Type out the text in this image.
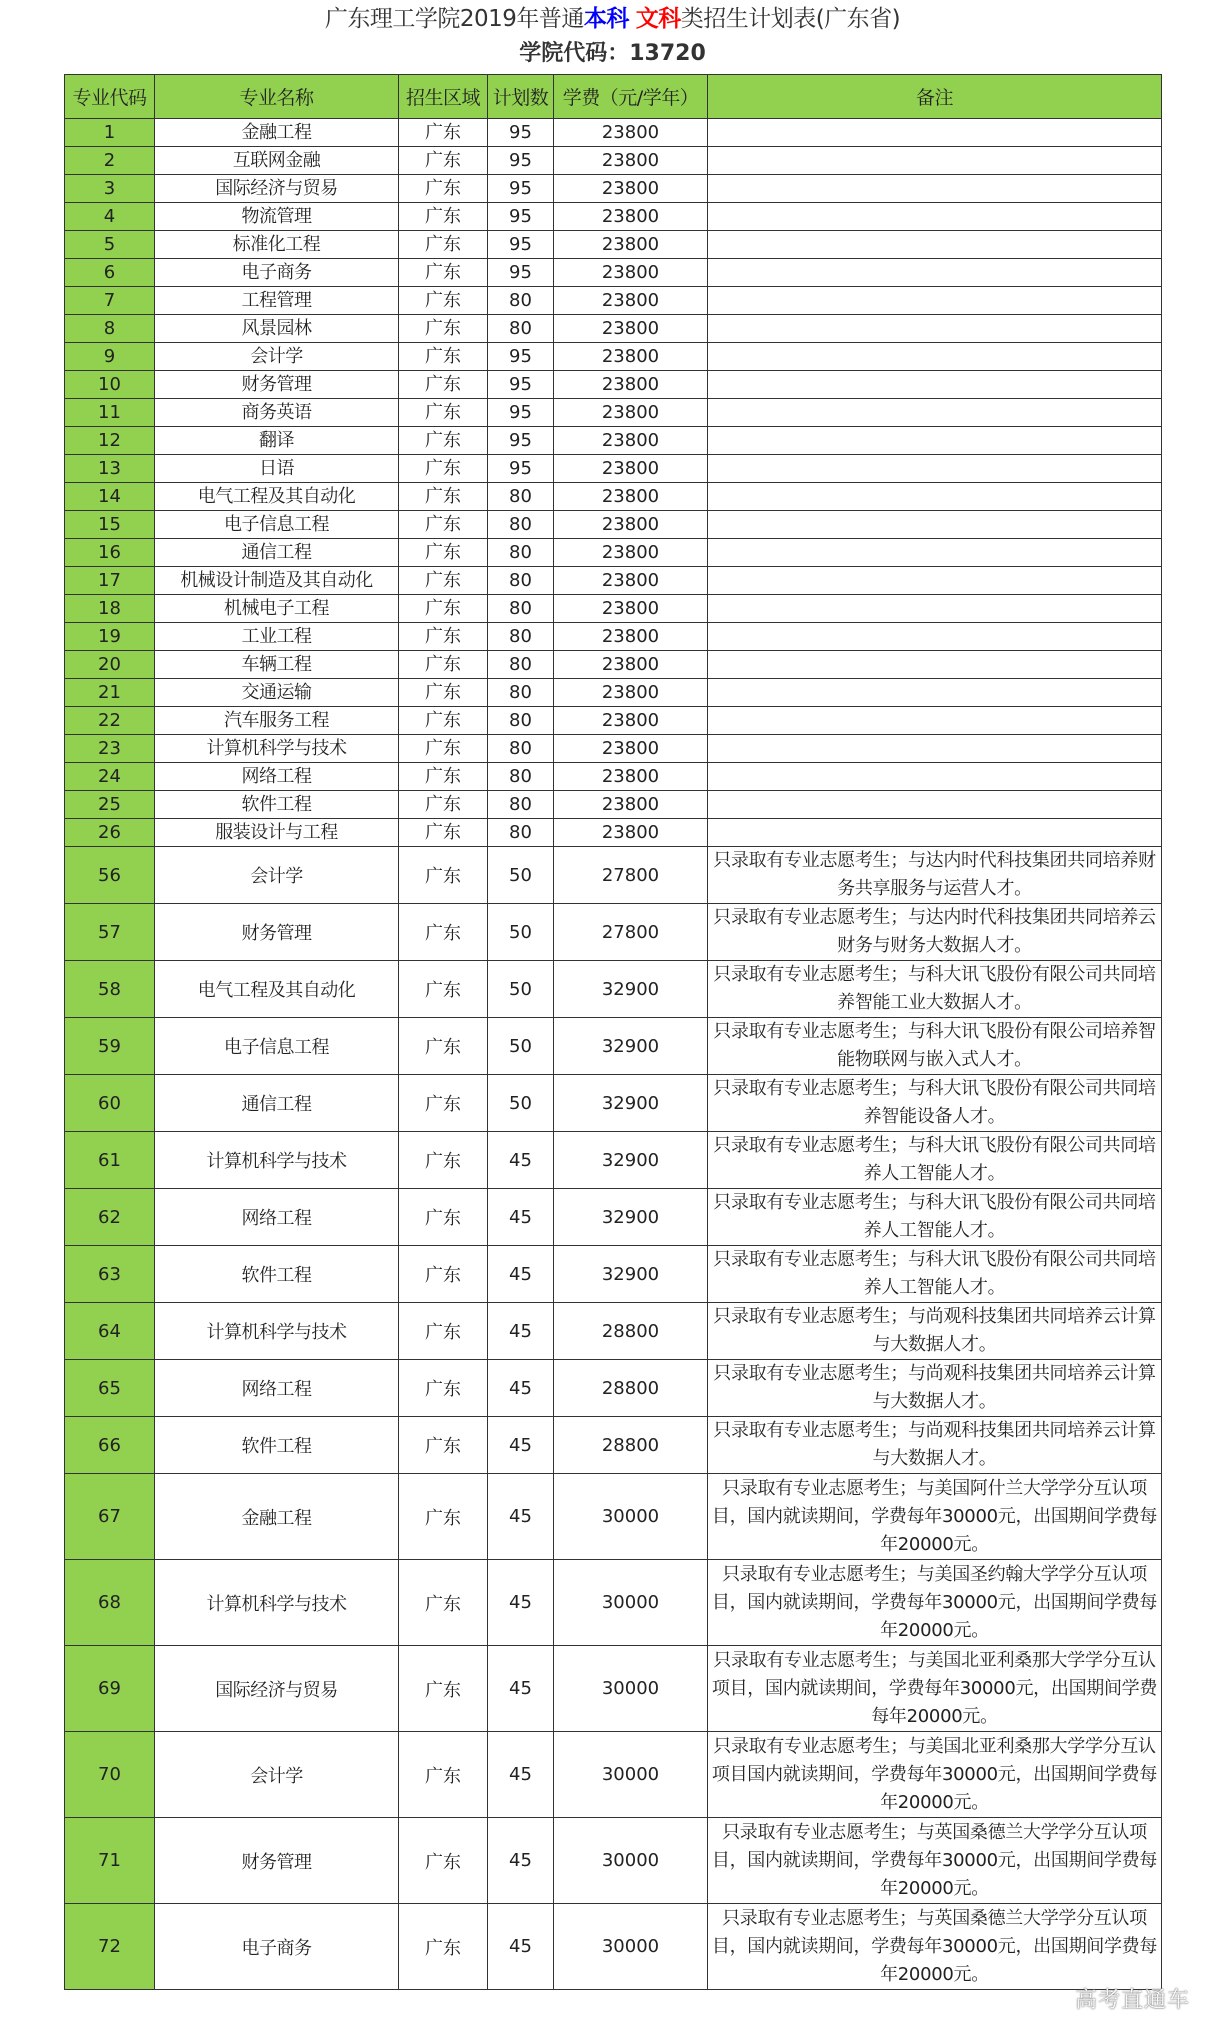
广东理工学院2019年普通本科 文科类招生计划表(广东省)
学院代码：13720
专业代码	专业名称	招生区域	计划数	学费（元/学年）	备注
1	金融工程	广东	95	23800	
2	互联网金融	广东	95	23800	
3	国际经济与贸易	广东	95	23800	
4	物流管理	广东	95	23800	
5	标准化工程	广东	95	23800	
6	电子商务	广东	95	23800	
7	工程管理	广东	80	23800	
8	风景园林	广东	80	23800	
9	会计学	广东	95	23800	
10	财务管理	广东	95	23800	
11	商务英语	广东	95	23800	
12	翻译	广东	95	23800	
13	日语	广东	95	23800	
14	电气工程及其自动化	广东	80	23800	
15	电子信息工程	广东	80	23800	
16	通信工程	广东	80	23800	
17	机械设计制造及其自动化	广东	80	23800	
18	机械电子工程	广东	80	23800	
19	工业工程	广东	80	23800	
20	车辆工程	广东	80	23800	
21	交通运输	广东	80	23800	
22	汽车服务工程	广东	80	23800	
23	计算机科学与技术	广东	80	23800	
24	网络工程	广东	80	23800	
25	软件工程	广东	80	23800	
26	服装设计与工程	广东	80	23800	
56	会计学	广东	50	27800	只录取有专业志愿考生；与达内时代科技集团共同培养财务共享服务与运营人才。
57	财务管理	广东	50	27800	只录取有专业志愿考生；与达内时代科技集团共同培养云财务与财务大数据人才。
58	电气工程及其自动化	广东	50	32900	只录取有专业志愿考生；与科大讯飞股份有限公司共同培养智能工业大数据人才。
59	电子信息工程	广东	50	32900	只录取有专业志愿考生；与科大讯飞股份有限公司培养智能物联网与嵌入式人才。
60	通信工程	广东	50	32900	只录取有专业志愿考生；与科大讯飞股份有限公司共同培养智能设备人才。
61	计算机科学与技术	广东	45	32900	只录取有专业志愿考生；与科大讯飞股份有限公司共同培养人工智能人才。
62	网络工程	广东	45	32900	只录取有专业志愿考生；与科大讯飞股份有限公司共同培养人工智能人才。
63	软件工程	广东	45	32900	只录取有专业志愿考生；与科大讯飞股份有限公司共同培养人工智能人才。
64	计算机科学与技术	广东	45	28800	只录取有专业志愿考生；与尚观科技集团共同培养云计算与大数据人才。
65	网络工程	广东	45	28800	只录取有专业志愿考生；与尚观科技集团共同培养云计算与大数据人才。
66	软件工程	广东	45	28800	只录取有专业志愿考生；与尚观科技集团共同培养云计算与大数据人才。
67	金融工程	广东	45	30000	只录取有专业志愿考生；与美国阿什兰大学学分互认项目，国内就读期间，学费每年30000元，出国期间学费每年20000元。
68	计算机科学与技术	广东	45	30000	只录取有专业志愿考生；与美国圣约翰大学学分互认项目，国内就读期间，学费每年30000元，出国期间学费每年20000元。
69	国际经济与贸易	广东	45	30000	只录取有专业志愿考生；与美国北亚利桑那大学学分互认项目，国内就读期间，学费每年30000元，出国期间学费每年20000元。
70	会计学	广东	45	30000	只录取有专业志愿考生；与美国北亚利桑那大学学分互认项目国内就读期间，学费每年30000元，出国期间学费每年20000元。
71	财务管理	广东	45	30000	只录取有专业志愿考生；与英国桑德兰大学学分互认项目，国内就读期间，学费每年30000元，出国期间学费每年20000元。
72	电子商务	广东	45	30000	只录取有专业志愿考生；与英国桑德兰大学学分互认项目，国内就读期间，学费每年30000元，出国期间学费每年20000元。
高考直通车
